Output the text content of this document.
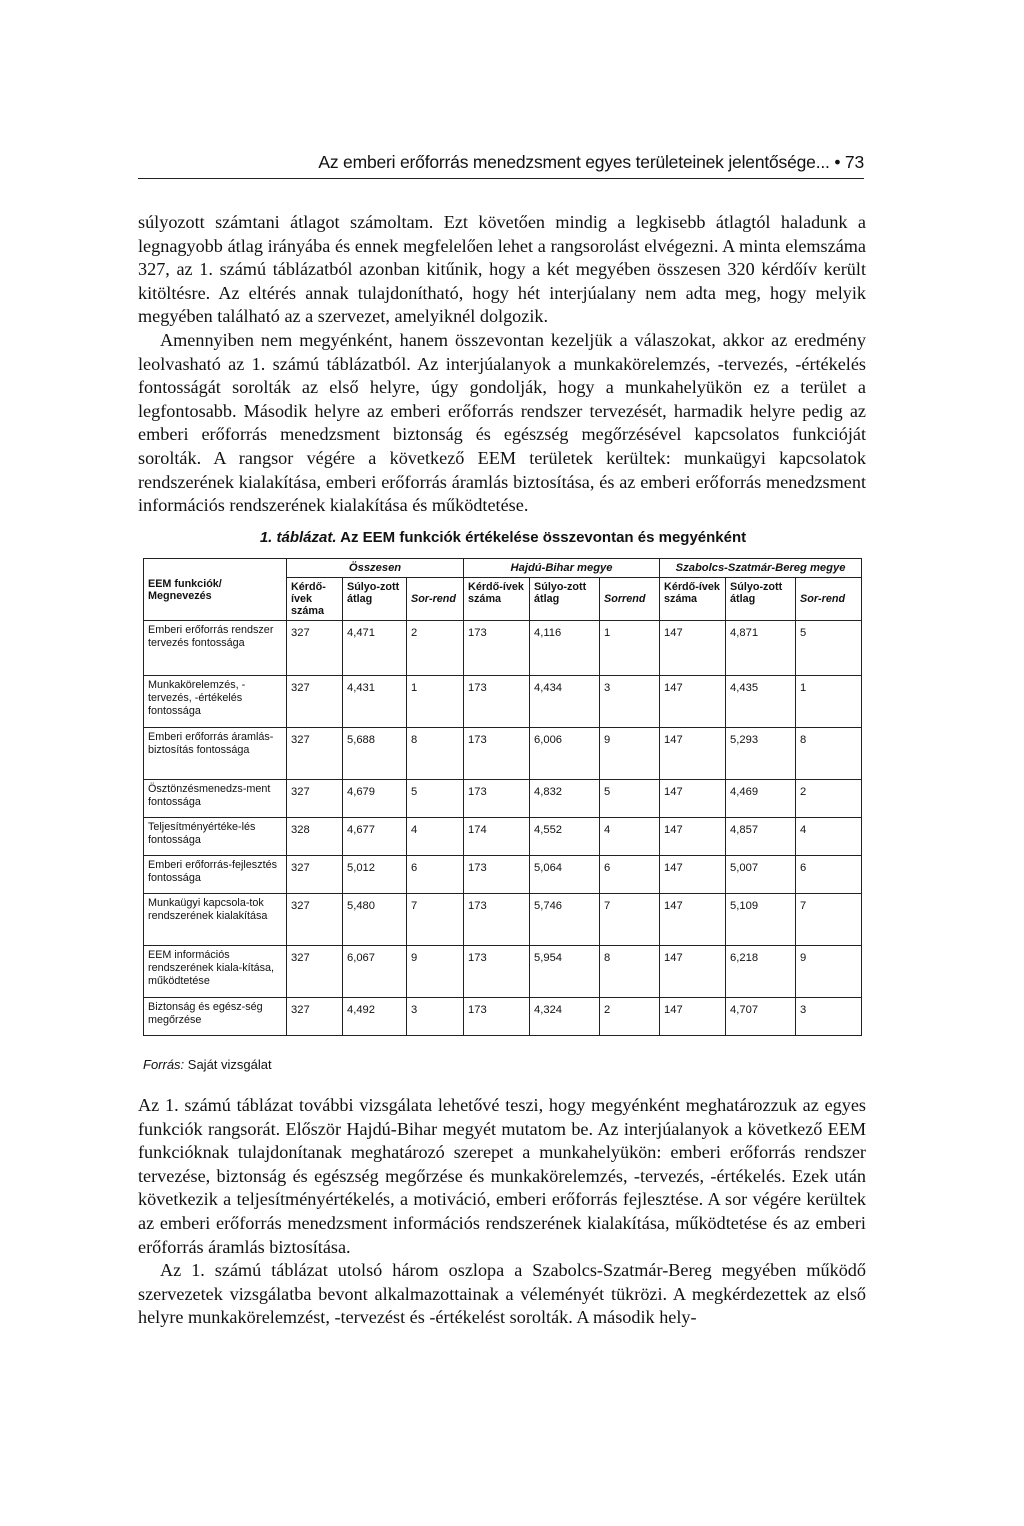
Az emberi erőforrás menedzsment egyes területeinek jelentősége... • 73

súlyozott számtani átlagot számoltam. Ezt követően mindig a legkisebb átlagtól haladunk a legnagyobb átlag irányába és ennek megfelelően lehet a rangsorolást elvégezni. A minta elemszáma 327, az 1. számú táblázatból azonban kitűnik, hogy a két megyében összesen 320 kérdőív került kitöltésre. Az eltérés annak tulajdonítható, hogy hét interjúalany nem adta meg, hogy melyik megyében található az a szervezet, amelyiknél dolgozik.

Amennyiben nem megyénként, hanem összevontan kezeljük a válaszokat, akkor az eredmény leolvasható az 1. számú táblázatból. Az interjúalanyok a munkakörelemzés, -tervezés, -értékelés fontosságát sorolták az első helyre, úgy gondolják, hogy a munkahelyükön ez a terület a legfontosabb. Második helyre az emberi erőforrás rendszer tervezését, harmadik helyre pedig az emberi erőforrás menedzsment biztonság és egészség megőrzésével kapcsolatos funkcióját sorolták. A rangsor végére a következő EEM területek kerültek: munkaügyi kapcsolatok rendszerének kialakítása, emberi erőforrás áramlás biztosítása, és az emberi erőforrás menedzsment információs rendszerének kialakítása és működtetése.

1. táblázat. Az EEM funkciók értékelése összevontan és megyénként
EEM funkciók/ Megnevezés	Összesen			Hajdú-Bihar megye			Szabolcs-Szatmár-Bereg megye		
	Kérdő-ívek száma	Súlyo-zott átlag	Sor-rend	Kérdő-ívek száma	Súlyo-zott átlag	Sorrend	Kérdő-ívek száma	Súlyo-zott átlag	Sor-rend
Emberi erőforrás rendszer tervezés fontossága	327	4,471	2	173	4,116	1	147	4,871	5
Munkakörelemzés, -tervezés, -értékelés fontossága	327	4,431	1	173	4,434	3	147	4,435	1
Emberi erőforrás áramlás-biztosítás fontossága	327	5,688	8	173	6,006	9	147	5,293	8
Ösztönzésmenedzs-ment fontossága	327	4,679	5	173	4,832	5	147	4,469	2
Teljesítményértéke-lés fontossága	328	4,677	4	174	4,552	4	147	4,857	4
Emberi erőforrás-fejlesztés fontossága	327	5,012	6	173	5,064	6	147	5,007	6
Munkaügyi kapcsola-tok rendszerének kialakítása	327	5,480	7	173	5,746	7	147	5,109	7
EEM információs rendszerének kiala-kítása, működtetése	327	6,067	9	173	5,954	8	147	6,218	9
Biztonság és egész-ség megőrzése	327	4,492	3	173	4,324	2	147	4,707	3
Forrás: Saját vizsgálat

Az 1. számú táblázat további vizsgálata lehetővé teszi, hogy megyénként meghatározzuk az egyes funkciók rangsorát. Először Hajdú-Bihar megyét mutatom be. Az interjúalanyok a következő EEM funkcióknak tulajdonítanak meghatározó szerepet a munkahelyükön: emberi erőforrás rendszer tervezése, biztonság és egészség megőrzése és munkakörelemzés, -tervezés, -értékelés. Ezek után következik a teljesítményértékelés, a motiváció, emberi erőforrás fejlesztése. A sor végére kerültek az emberi erőforrás menedzsment információs rendszerének kialakítása, működtetése és az emberi erőforrás áramlás biztosítása.

Az 1. számú táblázat utolsó három oszlopa a Szabolcs-Szatmár-Bereg megyében működő szervezetek vizsgálatba bevont alkalmazottainak a véleményét tükrözi. A megkérdezettek az első helyre munkakörelemzést, -tervezést és -értékelést sorolták. A második hely-
